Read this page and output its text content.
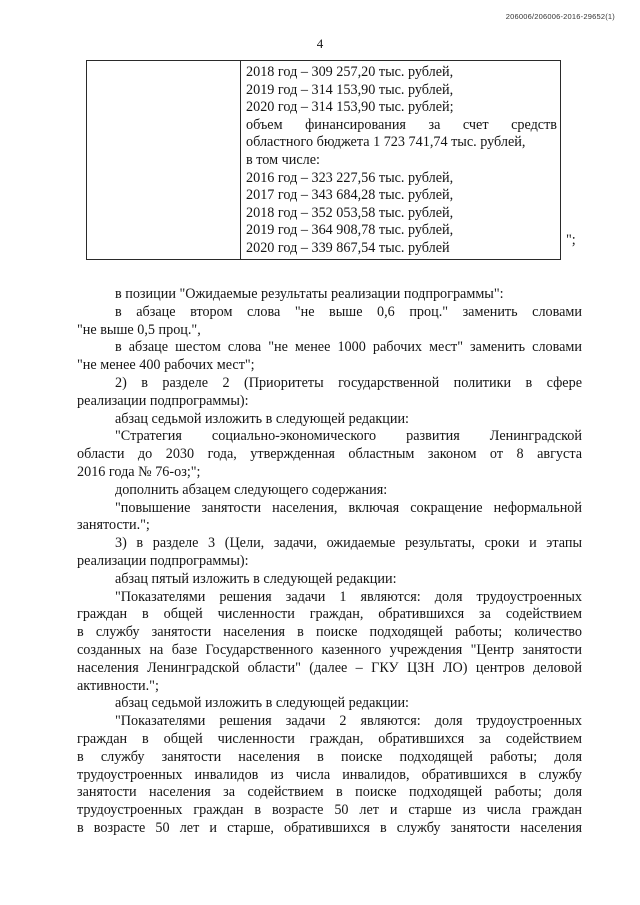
206006/206006-2016-29652(1)
4
2018 год – 309 257,20 тыс. рублей,
2019 год – 314 153,90 тыс. рублей,
2020 год – 314 153,90 тыс. рублей;
объем финансирования за счет средств
областного бюджета 1 723 741,74 тыс. рублей,
в том числе:
2016 год – 323 227,56 тыс. рублей,
2017 год – 343 684,28 тыс. рублей,
2018 год – 352 053,58 тыс. рублей,
2019 год – 364 908,78 тыс. рублей,
2020 год – 339 867,54 тыс. рублей	";
в позиции "Ожидаемые результаты реализации подпрограммы":
в абзаце втором слова "не выше 0,6 проц." заменить словами
"не выше 0,5 проц.",
в абзаце шестом слова "не менее 1000 рабочих мест" заменить словами
"не менее 400 рабочих мест";
2) в разделе 2 (Приоритеты государственной политики в сфере
реализации подпрограммы):
абзац седьмой изложить в следующей редакции:
"Стратегия социально-экономического развития Ленинградской
области до 2030 года, утвержденная областным законом от 8 августа
2016 года № 76-оз;";
дополнить абзацем следующего содержания:
"повышение занятости населения, включая сокращение неформальной
занятости.";
3) в разделе 3 (Цели, задачи, ожидаемые результаты, сроки и этапы
реализации подпрограммы):
абзац пятый изложить в следующей редакции:
"Показателями решения задачи 1 являются: доля трудоустроенных
граждан в общей численности граждан, обратившихся за содействием
в службу занятости населения в поиске подходящей работы; количество
созданных на базе Государственного казенного учреждения "Центр занятости
населения Ленинградской области" (далее – ГКУ ЦЗН ЛО) центров деловой
активности.";
абзац седьмой изложить в следующей редакции:
"Показателями решения задачи 2 являются: доля трудоустроенных
граждан в общей численности граждан, обратившихся за содействием
в службу занятости населения в поиске подходящей работы; доля
трудоустроенных инвалидов из числа инвалидов, обратившихся в службу
занятости населения за содействием в поиске подходящей работы; доля
трудоустроенных граждан в возрасте 50 лет и старше из числа граждан
в возрасте 50 лет и старше, обратившихся в службу занятости населения
